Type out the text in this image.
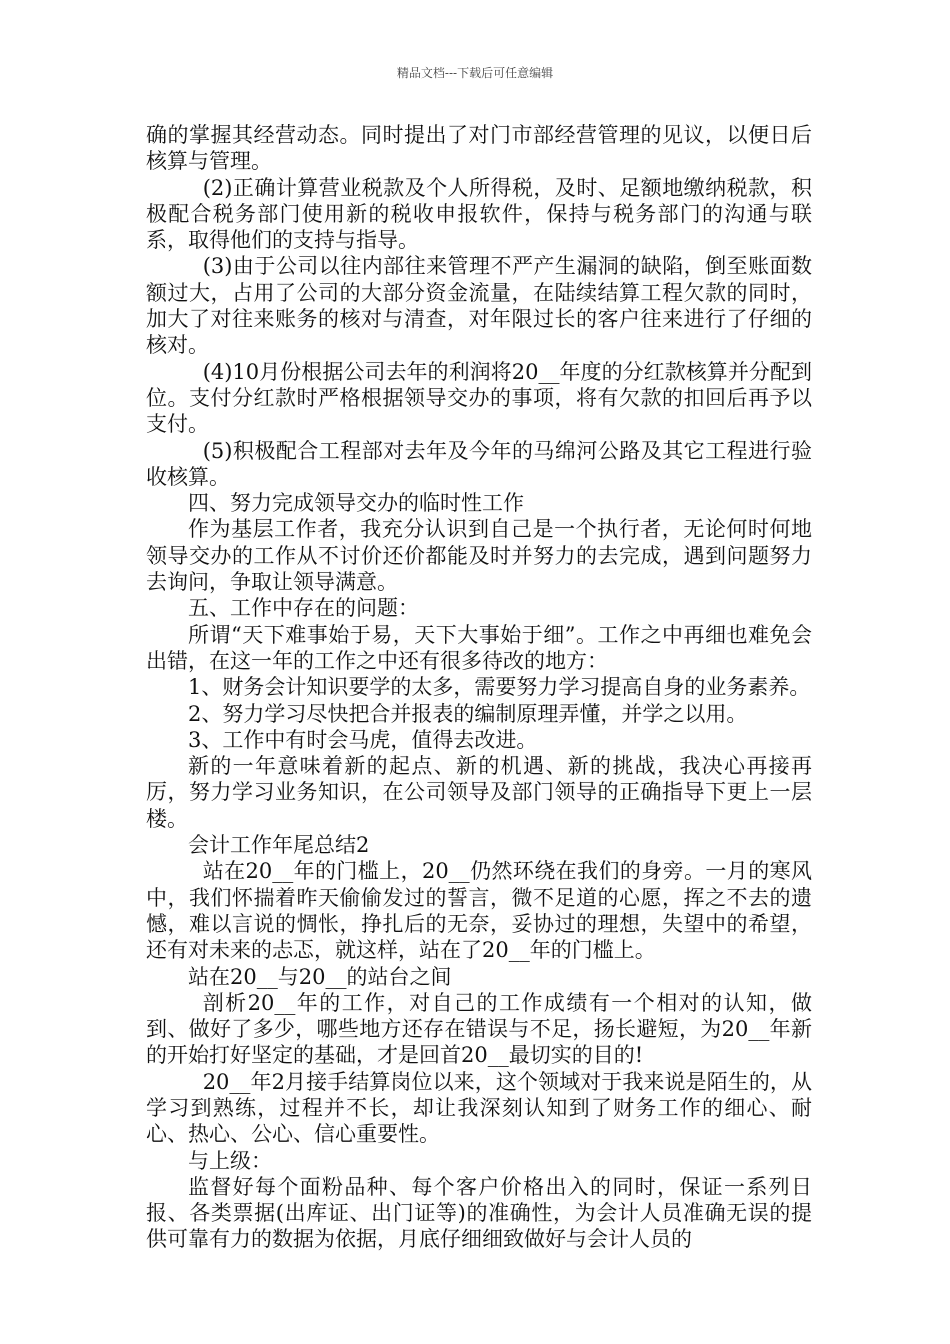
精品文档---下载后可任意编辑

确的掌握其经营动态。同时提出了对门市部经营管理的见议，以便日后核算与管理。

(2)正确计算营业税款及个人所得税，及时、足额地缴纳税款，积极配合税务部门使用新的税收申报软件，保持与税务部门的沟通与联系，取得他们的支持与指导。

(3)由于公司以往内部往来管理不严产生漏洞的缺陷，倒至账面数额过大，占用了公司的大部分资金流量，在陆续结算工程欠款的同时，加大了对往来账务的核对与清查，对年限过长的客户往来进行了仔细的核对。

(4)10月份根据公司去年的利润将20__年度的分红款核算并分配到位。支付分红款时严格根据领导交办的事项，将有欠款的扣回后再予以支付。

(5)积极配合工程部对去年及今年的马绵河公路及其它工程进行验收核算。

四、努力完成领导交办的临时性工作

作为基层工作者，我充分认识到自己是一个执行者，无论何时何地领导交办的工作从不讨价还价都能及时并努力的去完成，遇到问题努力去询问，争取让领导满意。

五、工作中存在的问题：

所谓“天下难事始于易，天下大事始于细”。工作之中再细也难免会出错，在这一年的工作之中还有很多待改的地方：

1、财务会计知识要学的太多，需要努力学习提高自身的业务素养。

2、努力学习尽快把合并报表的编制原理弄懂，并学之以用。

3、工作中有时会马虎，值得去改进。

新的一年意味着新的起点、新的机遇、新的挑战，我决心再接再厉，努力学习业务知识，在公司领导及部门领导的正确指导下更上一层楼。

会计工作年尾总结2

站在20__年的门槛上，20__仍然环绕在我们的身旁。一月的寒风中，我们怀揣着昨天偷偷发过的誓言，微不足道的心愿，挥之不去的遗憾，难以言说的惆怅，挣扎后的无奈，妥协过的理想，失望中的希望，还有对未来的忐忑，就这样，站在了20__年的门槛上。

站在20__与20__的站台之间

剖析20__年的工作，对自己的工作成绩有一个相对的认知，做到、做好了多少，哪些地方还存在错误与不足，扬长避短，为20__年新的开始打好坚定的基础，才是回首20__最切实的目的!

20__年2月接手结算岗位以来，这个领域对于我来说是陌生的，从学习到熟练，过程并不长，却让我深刻认知到了财务工作的细心、耐心、热心、公心、信心重要性。

与上级：

监督好每个面粉品种、每个客户价格出入的同时，保证一系列日报、各类票据(出库证、出门证等)的准确性，为会计人员准确无误的提供可靠有力的数据为依据，月底仔细细致做好与会计人员的
